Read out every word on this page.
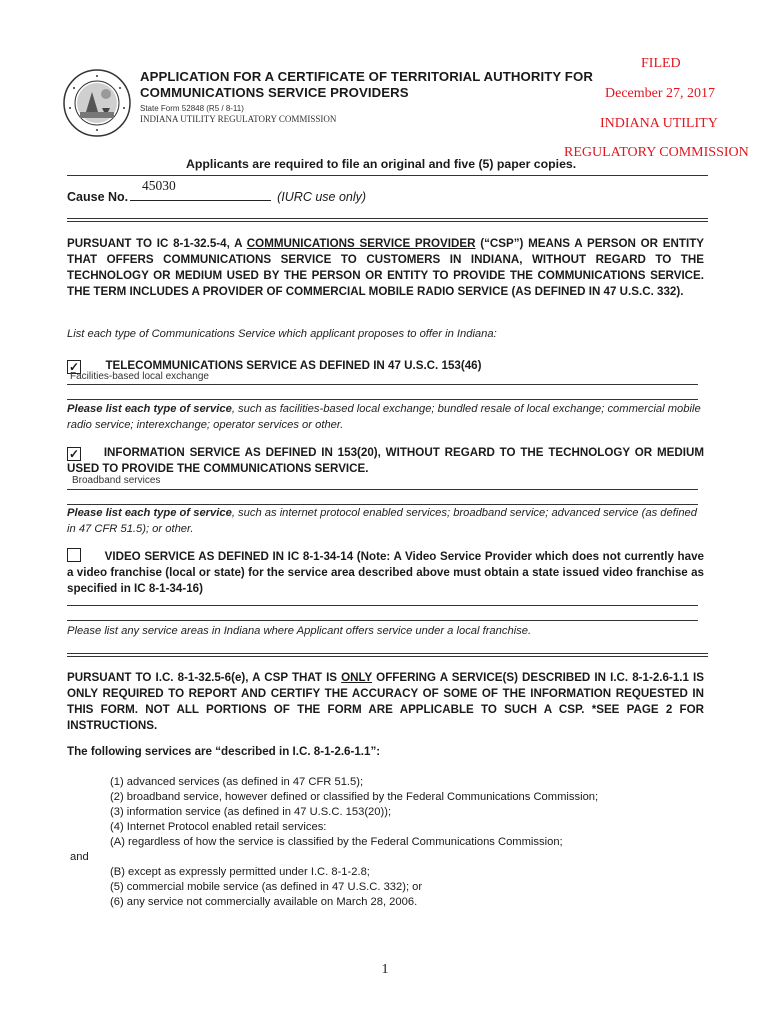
APPLICATION FOR A CERTIFICATE OF TERRITORIAL AUTHORITY FOR
COMMUNICATIONS SERVICE PROVIDERS
State Form 52848 (R5 / 8-11)
INDIANA UTILITY REGULATORY COMMISSION
FILED
December 27, 2017
INDIANA UTILITY
Applicants are required to file an original and five (5) paper copies.
REGULATORY COMMISSION
45030
Cause No.	(IURC use only)
PURSUANT TO IC 8-1-32.5-4, A COMMUNICATIONS SERVICE PROVIDER (“CSP”) MEANS A PERSON OR ENTITY THAT OFFERS COMMUNICATIONS SERVICE TO CUSTOMERS IN INDIANA, WITHOUT REGARD TO THE TECHNOLOGY OR MEDIUM USED BY THE PERSON OR ENTITY TO PROVIDE THE COMMUNICATIONS SERVICE. THE TERM INCLUDES A PROVIDER OF COMMERCIAL MOBILE RADIO SERVICE (AS DEFINED IN 47 U.S.C. 332).
List each type of Communications Service which applicant proposes to offer in Indiana:
✓ TELECOMMUNICATIONS SERVICE AS DEFINED IN 47 U.S.C. 153(46)
Facilities-based local exchange
Please list each type of service, such as facilities-based local exchange; bundled resale of local exchange; commercial mobile radio service; interexchange; operator services or other.
✓ INFORMATION SERVICE AS DEFINED IN 153(20), WITHOUT REGARD TO THE TECHNOLOGY OR MEDIUM USED TO PROVIDE THE COMMUNICATIONS SERVICE.
Broadband services
Please list each type of service, such as internet protocol enabled services; broadband service; advanced service (as defined in 47 CFR 51.5); or other.
VIDEO SERVICE AS DEFINED IN IC 8-1-34-14 (Note: A Video Service Provider which does not currently have a video franchise (local or state) for the service area described above must obtain a state issued video franchise as specified in IC 8-1-34-16)
Please list any service areas in Indiana where Applicant offers service under a local franchise.
PURSUANT TO I.C. 8-1-32.5-6(e), A CSP THAT IS ONLY OFFERING A SERVICE(S) DESCRIBED IN I.C. 8-1-2.6-1.1 IS ONLY REQUIRED TO REPORT AND CERTIFY THE ACCURACY OF SOME OF THE INFORMATION REQUESTED IN THIS FORM. NOT ALL PORTIONS OF THE FORM ARE APPLICABLE TO SUCH A CSP. *SEE PAGE 2 FOR INSTRUCTIONS.
The following services are “described in I.C. 8-1-2.6-1.1”:
(1) advanced services (as defined in 47 CFR 51.5);
(2) broadband service, however defined or classified by the Federal Communications Commission;
(3) information service (as defined in 47 U.S.C. 153(20));
(4) Internet Protocol enabled retail services:
(A) regardless of how the service is classified by the Federal Communications Commission;
and
(B) except as expressly permitted under I.C. 8-1-2.8;
(5) commercial mobile service (as defined in 47 U.S.C. 332); or
(6) any service not commercially available on March 28, 2006.
1
